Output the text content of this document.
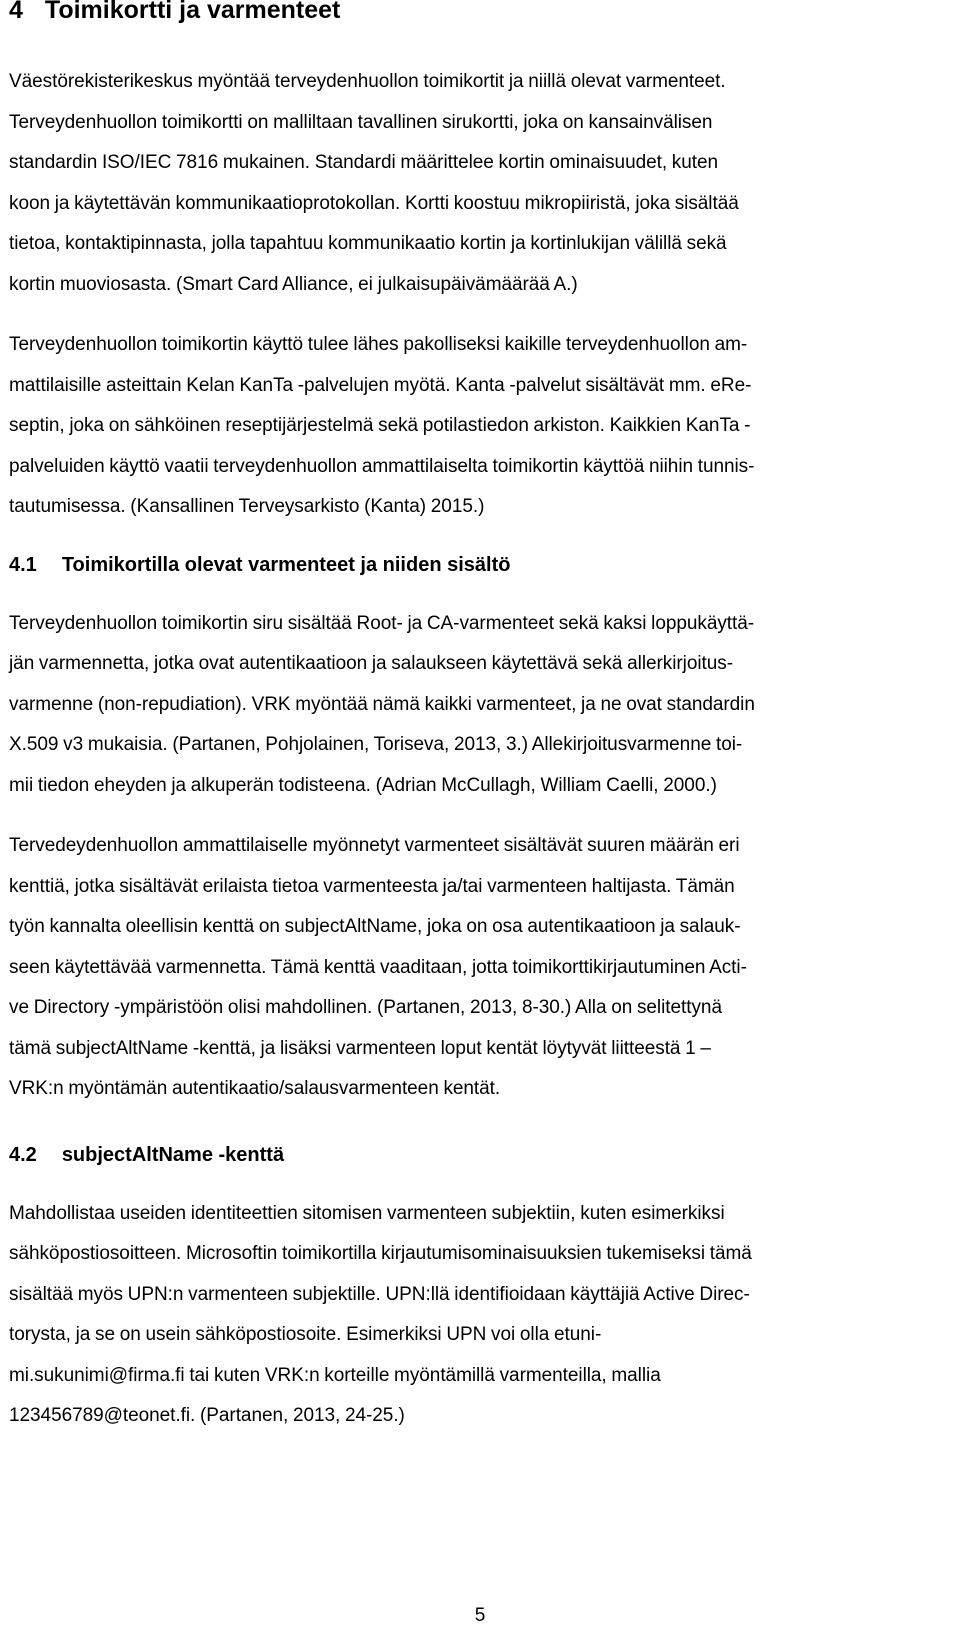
4 Toimikortti ja varmenteet

Väestörekisterikeskus myöntää terveydenhuollon toimikortit ja niillä olevat varmenteet.
Terveydenhuollon toimikortti on malliltaan tavallinen sirukortti, joka on kansainvälisen
standardin ISO/IEC 7816 mukainen. Standardi määrittelee kortin ominaisuudet, kuten
koon ja käytettävän kommunikaatioprotokollan. Kortti koostuu mikropiiristä, joka sisältää
tietoa, kontaktipinnasta, jolla tapahtuu kommunikaatio kortin ja kortinlukijan välillä sekä
kortin muoviosasta. (Smart Card Alliance, ei julkaisupäivämäärää A.)

Terveydenhuollon toimikortin käyttö tulee lähes pakolliseksi kaikille terveydenhuollon am-
mattilaisille asteittain Kelan KanTa -palvelujen myötä. Kanta -palvelut sisältävät mm. eRe-
septin, joka on sähköinen reseptijärjestelmä sekä potilastiedon arkiston. Kaikkien KanTa -
palveluiden käyttö vaatii terveydenhuollon ammattilaiselta toimikortin käyttöä niihin tunnis-
tautumisessa. (Kansallinen Terveysarkisto (Kanta) 2015.)

4.1 Toimikortilla olevat varmenteet ja niiden sisältö

Terveydenhuollon toimikortin siru sisältää Root- ja CA-varmenteet sekä kaksi loppukäyttä-
jän varmennetta, jotka ovat autentikaatioon ja salaukseen käytettävä sekä allerkirjoitus-
varmenne (non-repudiation). VRK myöntää nämä kaikki varmenteet, ja ne ovat standardin
X.509 v3 mukaisia. (Partanen, Pohjolainen, Toriseva, 2013, 3.) Allekirjoitusvarmenne toi-
mii tiedon eheyden ja alkuperän todisteena. (Adrian McCullagh, William Caelli, 2000.)

Tervedeydenhuollon ammattilaiselle myönnetyt varmenteet sisältävät suuren määrän eri
kenttiä, jotka sisältävät erilaista tietoa varmenteesta ja/tai varmenteen haltijasta. Tämän
työn kannalta oleellisin kenttä on subjectAltName, joka on osa autentikaatioon ja salauk-
seen käytettävää varmennetta. Tämä kenttä vaaditaan, jotta toimikorttikirjautuminen Acti-
ve Directory -ympäristöön olisi mahdollinen. (Partanen, 2013, 8-30.) Alla on selitettynä
tämä subjectAltName -kenttä, ja lisäksi varmenteen loput kentät löytyvät liitteestä 1 –
VRK:n myöntämän autentikaatio/salausvarmenteen kentät.

4.2 subjectAltName -kenttä

Mahdollistaa useiden identiteettien sitomisen varmenteen subjektiin, kuten esimerkiksi
sähköpostiosoitteen. Microsoftin toimikortilla kirjautumisominaisuuksien tukemiseksi tämä
sisältää myös UPN:n varmenteen subjektille. UPN:llä identifioidaan käyttäjiä Active Direc-
torysta, ja se on usein sähköpostiosoite. Esimerkiksi UPN voi olla etuni-
mi.sukunimi@firma.fi tai kuten VRK:n korteille myöntämillä varmenteilla, mallia
123456789@teonet.fi. (Partanen, 2013, 24-25.)

5
